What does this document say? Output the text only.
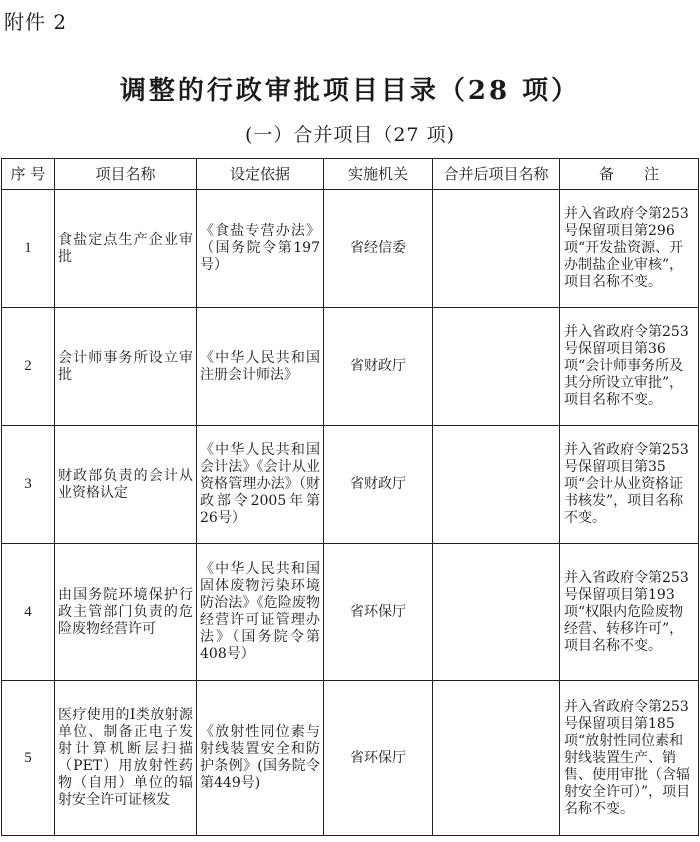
附件 2
调整的行政审批项目目录（28 项）
(一）合并项目（27 项)
序 号	项目名称	设定依据	实施机关	合并后项目名称	备　　注
1	食盐定点生产企业审批	《食盐专营办法》（国务院令第197号）	省经信委		并入省政府令第253号保留项目第296项“开发盐资源、开办制盐企业审核”，项目名称不变。
2	会计师事务所设立审批	《中华人民共和国注册会计师法》	省财政厅		并入省政府令第253号保留项目第36项“会计师事务所及其分所设立审批”，项目名称不变。
3	财政部负责的会计从业资格认定	《中华人民共和国会计法》《会计从业资格管理办法》（财政部令2005年第26号）	省财政厅		并入省政府令第253号保留项目第35项“会计从业资格证书核发”，项目名称不变。
4	由国务院环境保护行政主管部门负责的危险废物经营许可	《中华人民共和国固体废物污染环境防治法》《危险废物经营许可证管理办法》（国务院令第408号）	省环保厅		并入省政府令第253号保留项目第193项“权限内危险废物经营、转移许可”，项目名称不变。
5	医疗使用的Ⅰ类放射源单位、制备正电子发射计算机断层扫描（PET）用放射性药物（自用）单位的辐射安全许可证核发	《放射性同位素与射线装置安全和防护条例》(国务院令第449号)	省环保厅		并入省政府令第253号保留项目第185项“放射性同位素和射线装置生产、销售、使用审批（含辐射安全许可）”，项目名称不变。
